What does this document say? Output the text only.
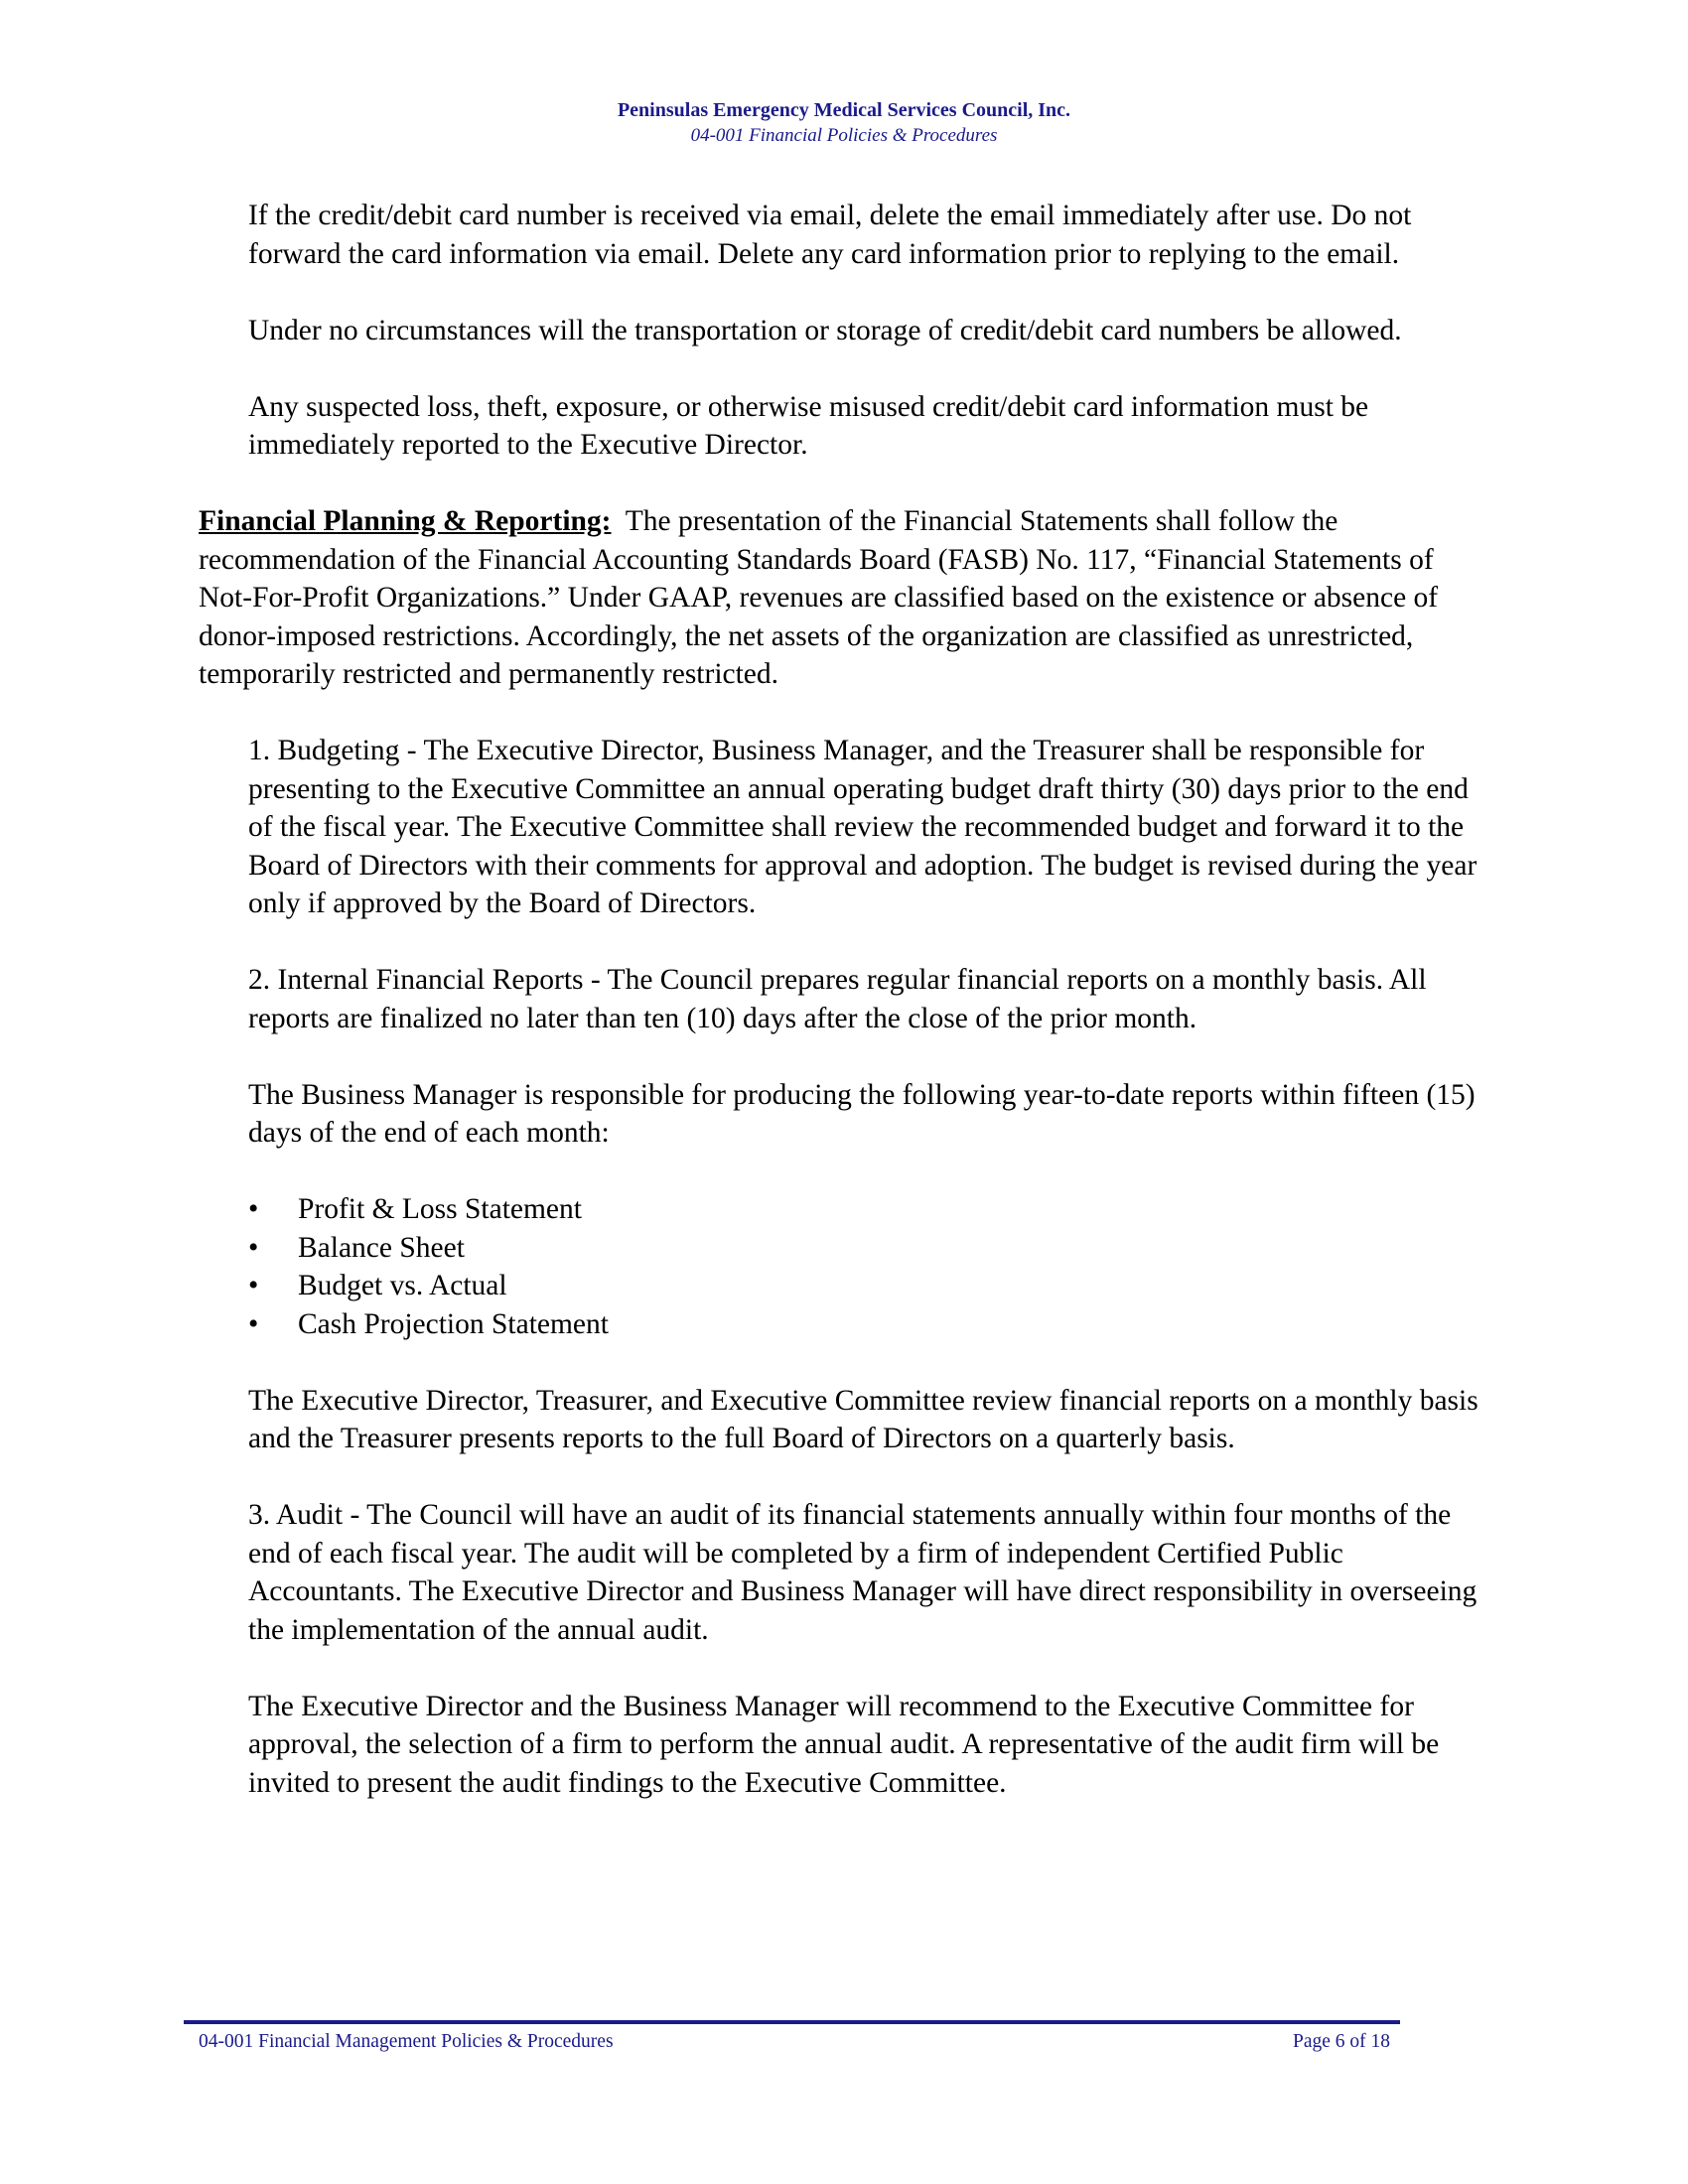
Peninsulas Emergency Medical Services Council, Inc.
04-001 Financial Policies & Procedures

If the credit/debit card number is received via email, delete the email immediately after use. Do not forward the card information via email. Delete any card information prior to replying to the email.

Under no circumstances will the transportation or storage of credit/debit card numbers be allowed.

Any suspected loss, theft, exposure, or otherwise misused credit/debit card information must be immediately reported to the Executive Director.

Financial Planning & Reporting: The presentation of the Financial Statements shall follow the recommendation of the Financial Accounting Standards Board (FASB) No. 117, “Financial Statements of Not-For-Profit Organizations.” Under GAAP, revenues are classified based on the existence or absence of donor-imposed restrictions. Accordingly, the net assets of the organization are classified as unrestricted, temporarily restricted and permanently restricted.

1. Budgeting - The Executive Director, Business Manager, and the Treasurer shall be responsible for presenting to the Executive Committee an annual operating budget draft thirty (30) days prior to the end of the fiscal year. The Executive Committee shall review the recommended budget and forward it to the Board of Directors with their comments for approval and adoption. The budget is revised during the year only if approved by the Board of Directors.

2. Internal Financial Reports - The Council prepares regular financial reports on a monthly basis. All reports are finalized no later than ten (10) days after the close of the prior month.

The Business Manager is responsible for producing the following year-to-date reports within fifteen (15) days of the end of each month:

• Profit & Loss Statement
• Balance Sheet
• Budget vs. Actual
• Cash Projection Statement

The Executive Director, Treasurer, and Executive Committee review financial reports on a monthly basis and the Treasurer presents reports to the full Board of Directors on a quarterly basis.

3. Audit - The Council will have an audit of its financial statements annually within four months of the end of each fiscal year. The audit will be completed by a firm of independent Certified Public Accountants. The Executive Director and Business Manager will have direct responsibility in overseeing the implementation of the annual audit.

The Executive Director and the Business Manager will recommend to the Executive Committee for approval, the selection of a firm to perform the annual audit. A representative of the audit firm will be invited to present the audit findings to the Executive Committee.

04-001 Financial Management Policies & Procedures	Page 6 of 18
